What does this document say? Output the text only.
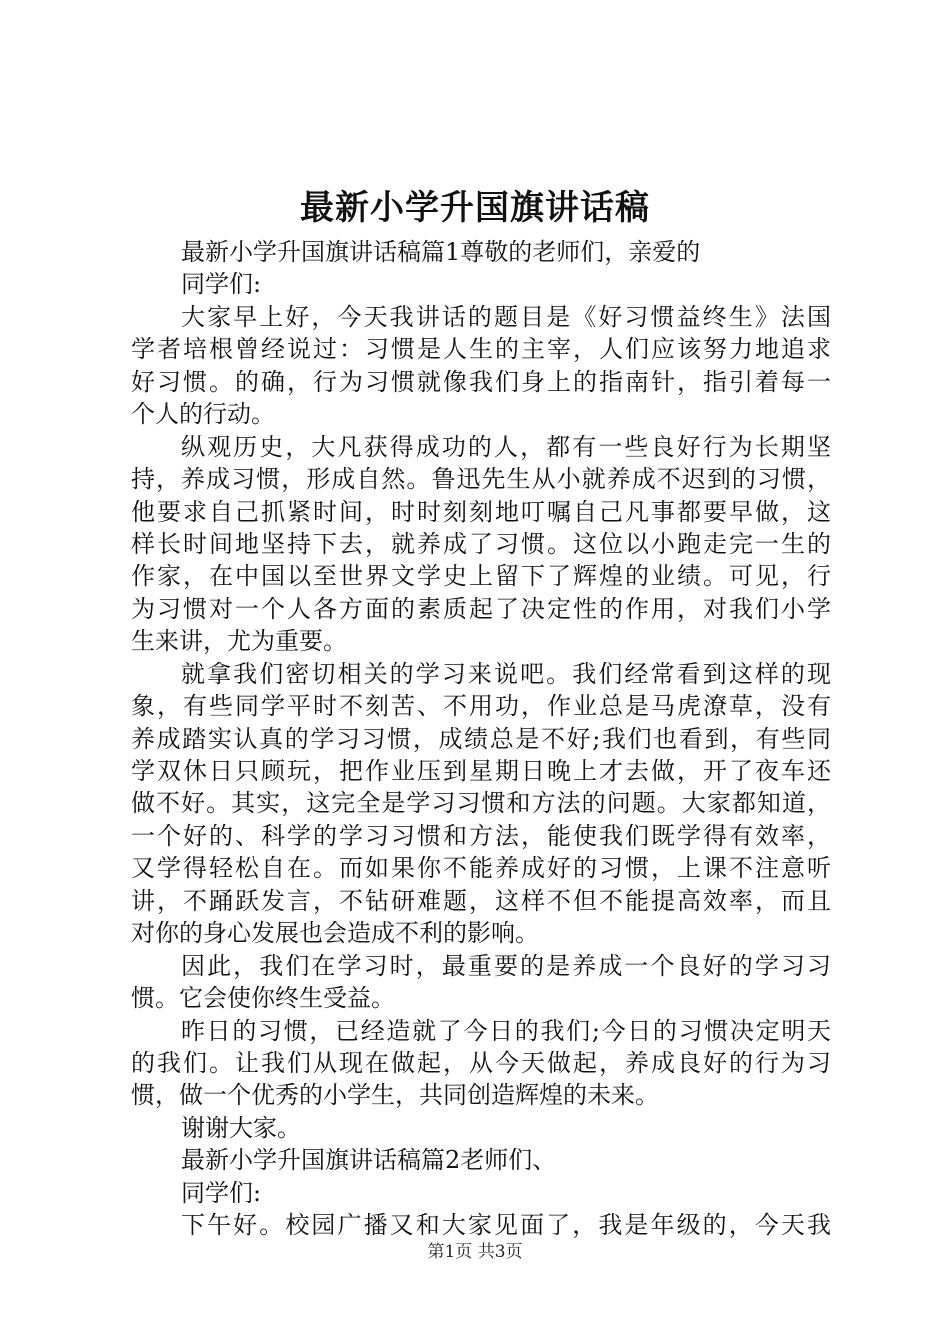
最新小学升国旗讲话稿
最新小学升国旗讲话稿篇1尊敬的老师们，亲爱的
同学们:
大家早上好，今天我讲话的题目是《好习惯益终生》法国
学者培根曾经说过：习惯是人生的主宰，人们应该努力地追求
好习惯。的确，行为习惯就像我们身上的指南针，指引着每一
个人的行动。
纵观历史，大凡获得成功的人，都有一些良好行为长期坚
持，养成习惯，形成自然。鲁迅先生从小就养成不迟到的习惯，
他要求自己抓紧时间，时时刻刻地叮嘱自己凡事都要早做，这
样长时间地坚持下去，就养成了习惯。这位以小跑走完一生的
作家，在中国以至世界文学史上留下了辉煌的业绩。可见，行
为习惯对一个人各方面的素质起了决定性的作用，对我们小学
生来讲，尤为重要。
就拿我们密切相关的学习来说吧。我们经常看到这样的现
象，有些同学平时不刻苦、不用功，作业总是马虎潦草，没有
养成踏实认真的学习习惯，成绩总是不好;我们也看到，有些同
学双休日只顾玩，把作业压到星期日晚上才去做，开了夜车还
做不好。其实，这完全是学习习惯和方法的问题。大家都知道，
一个好的、科学的学习习惯和方法，能使我们既学得有效率，
又学得轻松自在。而如果你不能养成好的习惯，上课不注意听
讲，不踊跃发言，不钻研难题，这样不但不能提高效率，而且
对你的身心发展也会造成不利的影响。
因此，我们在学习时，最重要的是养成一个良好的学习习
惯。它会使你终生受益。
昨日的习惯，已经造就了今日的我们;今日的习惯决定明天
的我们。让我们从现在做起，从今天做起，养成良好的行为习
惯，做一个优秀的小学生，共同创造辉煌的未来。
谢谢大家。
最新小学升国旗讲话稿篇2老师们、
同学们:
下午好。校园广播又和大家见面了，我是年级的，今天我
第1页 共3页
